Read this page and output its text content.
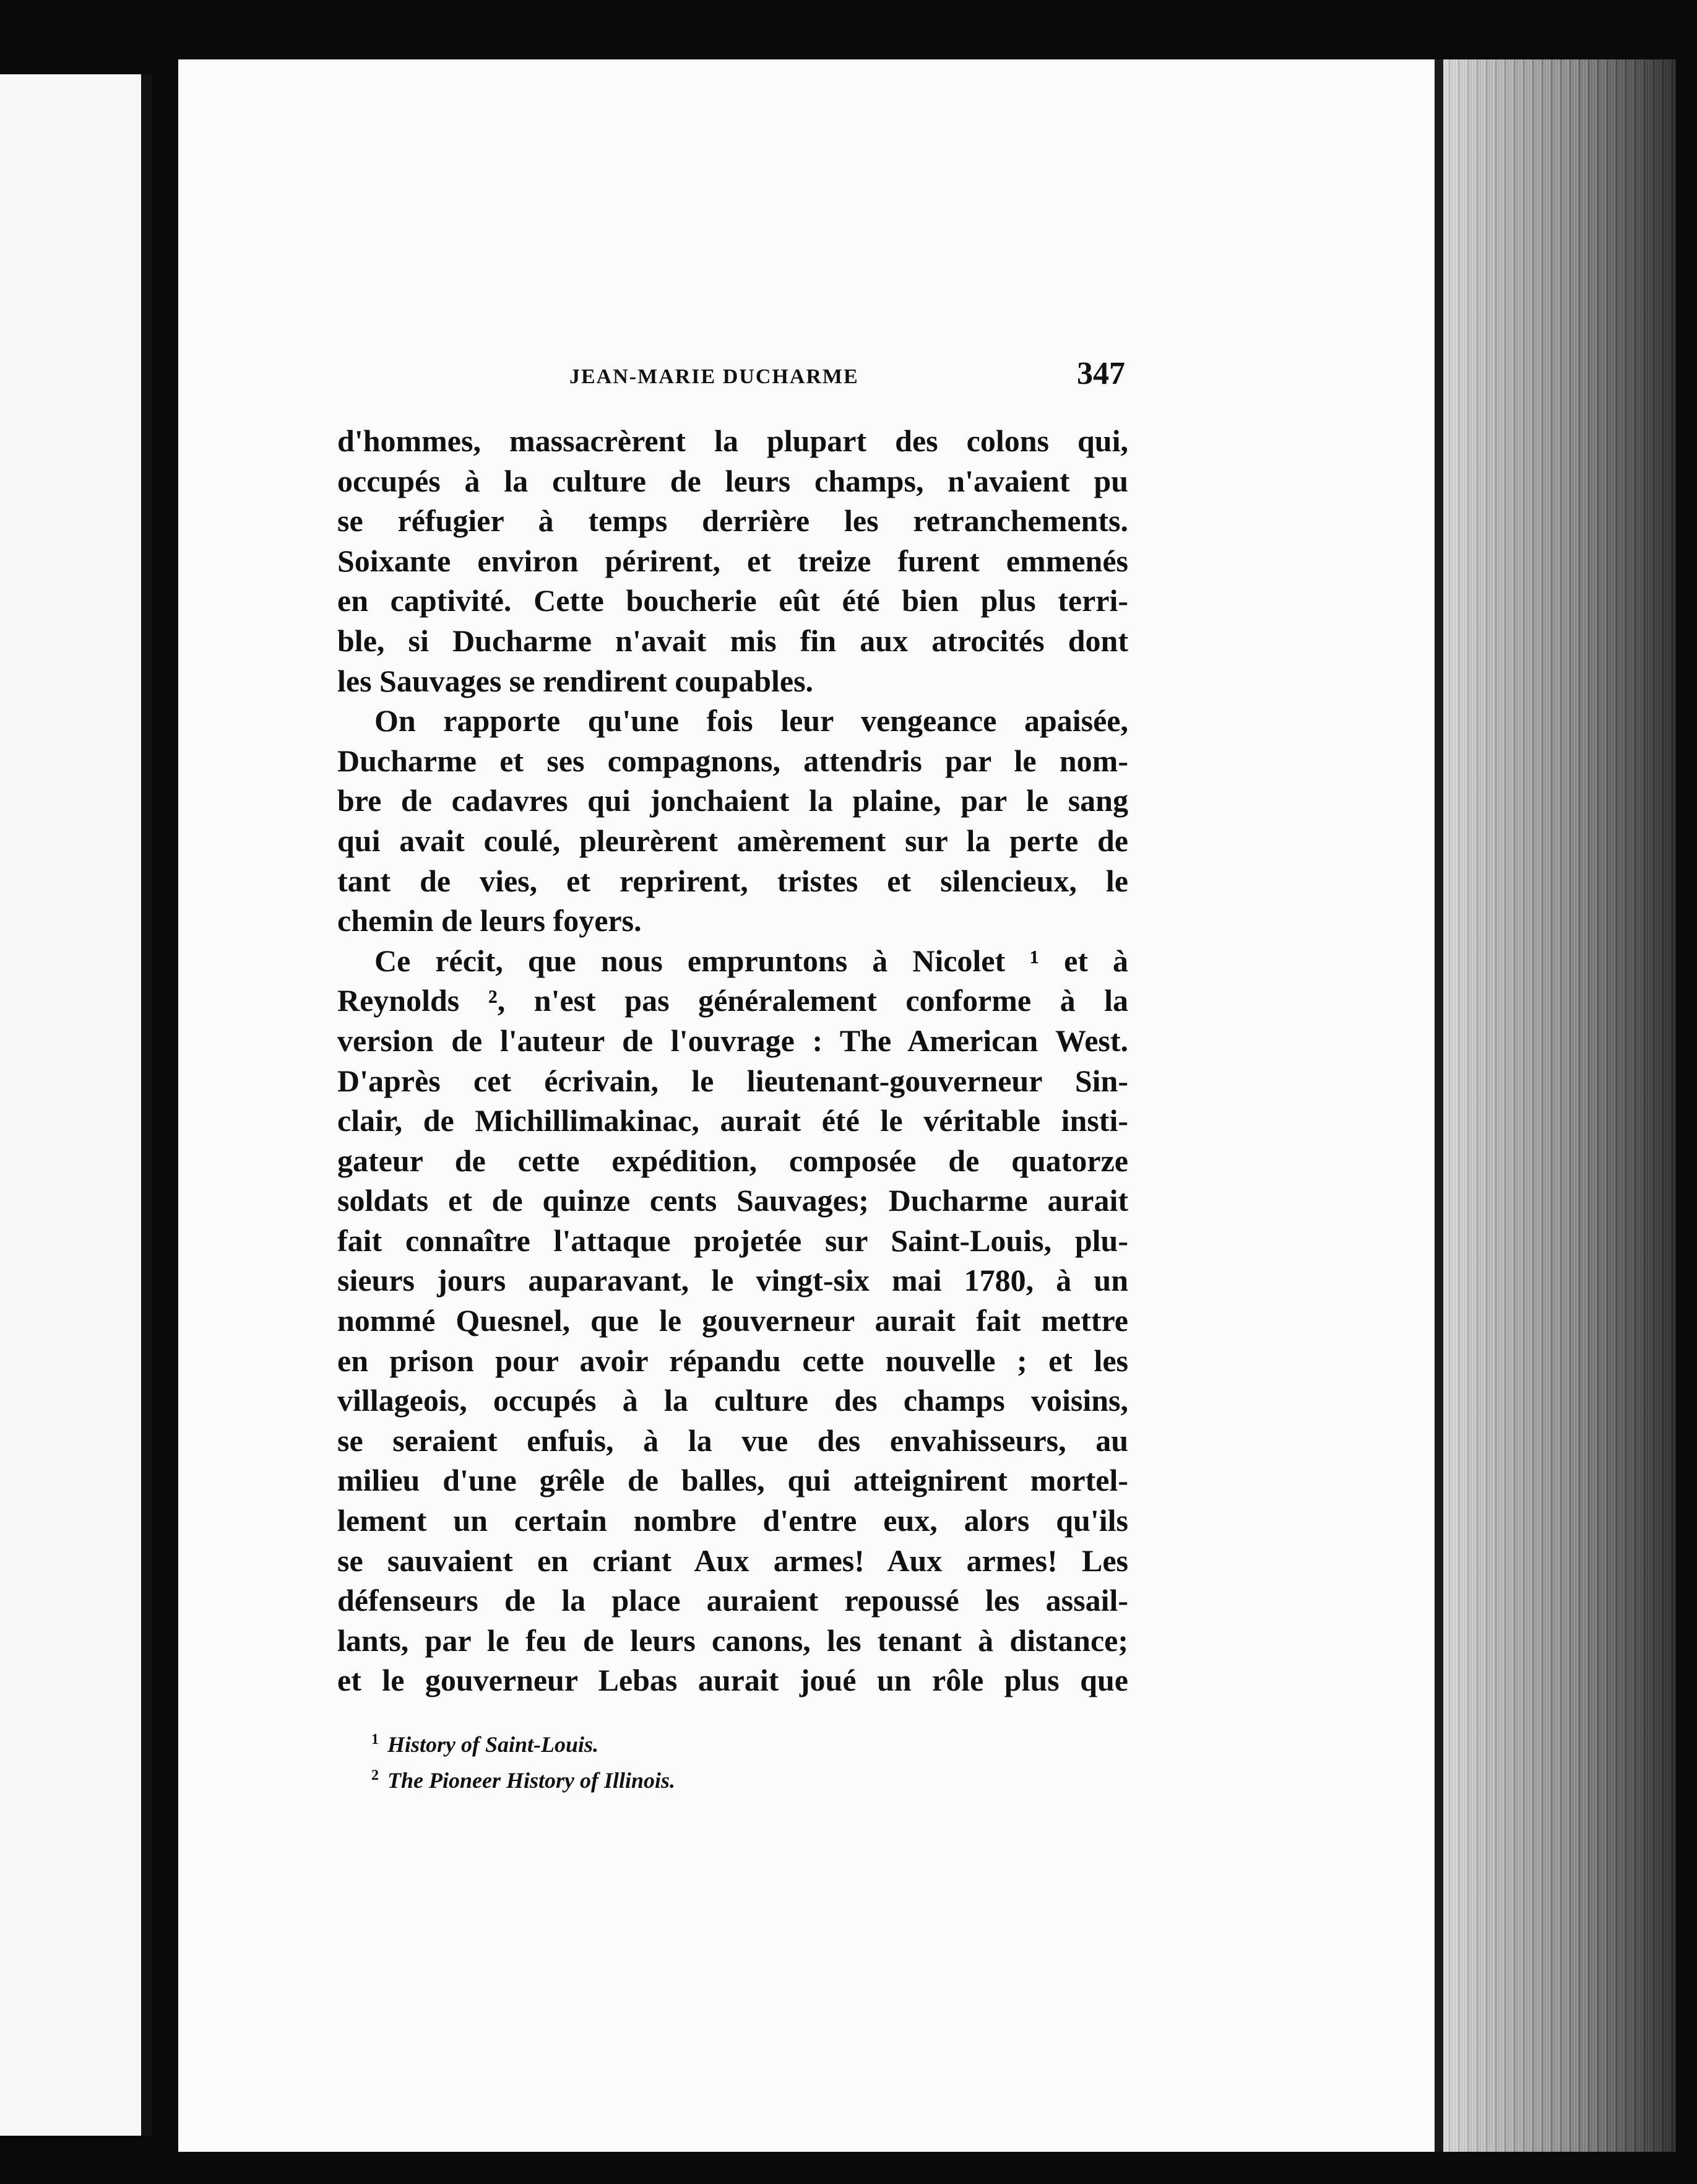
JEAN-MARIE DUCHARME	347
d'hommes, massacrèrent la plupart des colons qui,
occupés à la culture de leurs champs, n'avaient pu
se réfugier à temps derrière les retranchements.
Soixante environ périrent, et treize furent emmenés
en captivité. Cette boucherie eût été bien plus terri-
ble, si Ducharme n'avait mis fin aux atrocités dont
les Sauvages se rendirent coupables.
On rapporte qu'une fois leur vengeance apaisée,
Ducharme et ses compagnons, attendris par le nom-
bre de cadavres qui jonchaient la plaine, par le sang
qui avait coulé, pleurèrent amèrement sur la perte de
tant de vies, et reprirent, tristes et silencieux, le
chemin de leurs foyers.
Ce récit, que nous empruntons à Nicolet ¹ et à
Reynolds ², n'est pas généralement conforme à la
version de l'auteur de l'ouvrage : The American West.
D'après cet écrivain, le lieutenant-gouverneur Sin-
clair, de Michillimakinac, aurait été le véritable insti-
gateur de cette expédition, composée de quatorze
soldats et de quinze cents Sauvages; Ducharme aurait
fait connaître l'attaque projetée sur Saint-Louis, plu-
sieurs jours auparavant, le vingt-six mai 1780, à un
nommé Quesnel, que le gouverneur aurait fait mettre
en prison pour avoir répandu cette nouvelle ; et les
villageois, occupés à la culture des champs voisins,
se seraient enfuis, à la vue des envahisseurs, au
milieu d'une grêle de balles, qui atteignirent mortel-
lement un certain nombre d'entre eux, alors qu'ils
se sauvaient en criant Aux armes! Aux armes! Les
défenseurs de la place auraient repoussé les assail-
lants, par le feu de leurs canons, les tenant à distance;
et le gouverneur Lebas aurait joué un rôle plus que
$^1$ History of Saint-Louis.
$^2$ The Pioneer History of Illinois.
